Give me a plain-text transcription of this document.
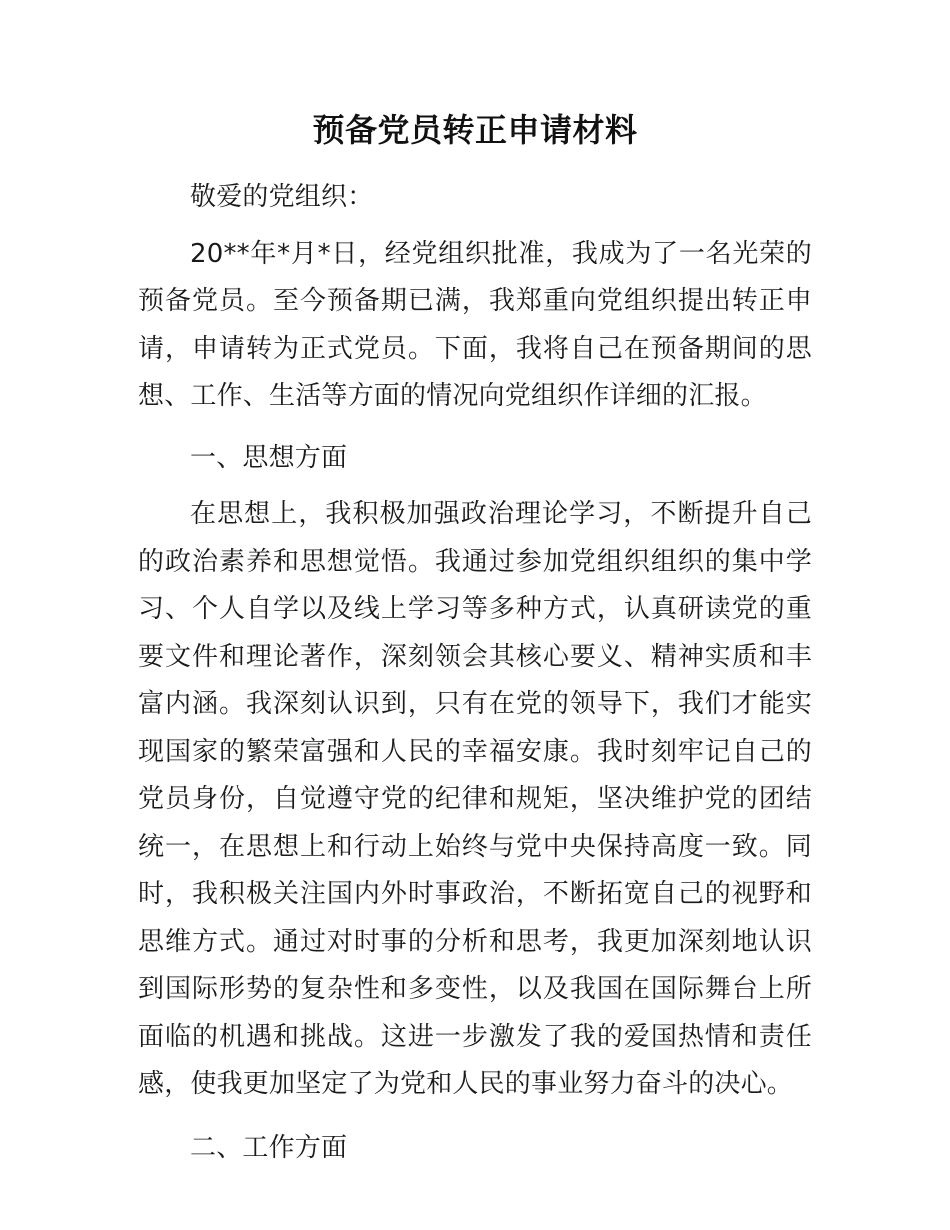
预备党员转正申请材料

敬爱的党组织：

20**年*月*日，经党组织批准，我成为了一名光荣的预备党员。至今预备期已满，我郑重向党组织提出转正申请，申请转为正式党员。下面，我将自己在预备期间的思想、工作、生活等方面的情况向党组织作详细的汇报。

一、思想方面

在思想上，我积极加强政治理论学习，不断提升自己的政治素养和思想觉悟。我通过参加党组织组织的集中学习、个人自学以及线上学习等多种方式，认真研读党的重要文件和理论著作，深刻领会其核心要义、精神实质和丰富内涵。我深刻认识到，只有在党的领导下，我们才能实现国家的繁荣富强和人民的幸福安康。我时刻牢记自己的党员身份，自觉遵守党的纪律和规矩，坚决维护党的团结统一，在思想上和行动上始终与党中央保持高度一致。同时，我积极关注国内外时事政治，不断拓宽自己的视野和思维方式。通过对时事的分析和思考，我更加深刻地认识到国际形势的复杂性和多变性，以及我国在国际舞台上所面临的机遇和挑战。这进一步激发了我的爱国热情和责任感，使我更加坚定了为党和人民的事业努力奋斗的决心。

二、工作方面
